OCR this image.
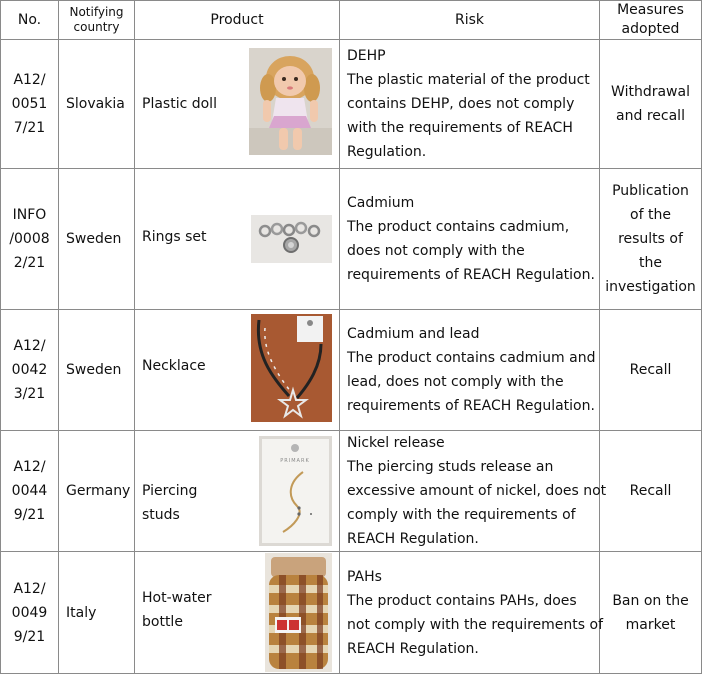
No.	Notifying
country	Product	Risk	Measures
adopted

A12/
0051
7/21	Slovakia	Plastic doll	DEHP
The plastic material of the product
contains DEHP, does not comply
with the requirements of REACH
Regulation.	Withdrawal
and recall

INFO
/0008
2/21	Sweden	Rings set	Cadmium
The product contains cadmium,
does not comply with the
requirements of REACH Regulation.	Publication
of the
results of
the
investigation

A12/
0042
3/21	Sweden	Necklace	Cadmium and lead
The product contains cadmium and
lead, does not comply with the
requirements of REACH Regulation.	Recall

A12/
0044
9/21	Germany	Piercing
studs
PRIMARK	Nickel release
The piercing studs release an
excessive amount of nickel, does not
comply with the requirements of
REACH Regulation.	Recall

A12/
0049
9/21	Italy	Hot-water
bottle	PAHs
The product contains PAHs, does
not comply with the requirements of
REACH Regulation.	Ban on the
market
